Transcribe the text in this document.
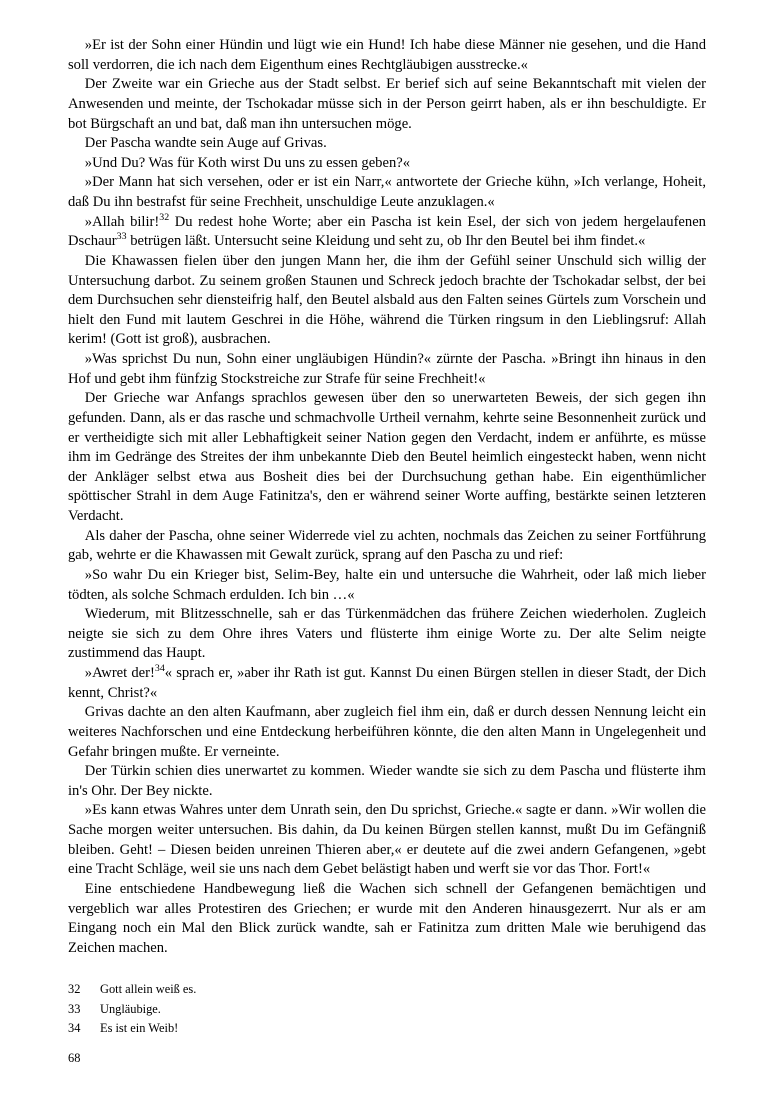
»Er ist der Sohn einer Hündin und lügt wie ein Hund! Ich habe diese Männer nie gesehen, und die Hand soll verdorren, die ich nach dem Eigenthum eines Rechtgläubigen ausstrecke.«

Der Zweite war ein Grieche aus der Stadt selbst. Er berief sich auf seine Bekanntschaft mit vielen der Anwesenden und meinte, der Tschokadar müsse sich in der Person geirrt haben, als er ihn beschuldigte. Er bot Bürgschaft an und bat, daß man ihn untersuchen möge.

Der Pascha wandte sein Auge auf Grivas.

»Und Du? Was für Koth wirst Du uns zu essen geben?«

»Der Mann hat sich versehen, oder er ist ein Narr,« antwortete der Grieche kühn, »Ich verlange, Hoheit, daß Du ihn bestrafst für seine Frechheit, unschuldige Leute anzuklagen.«

»Allah bilir!$^{32}$ Du redest hohe Worte; aber ein Pascha ist kein Esel, der sich von jedem hergelaufenen Dschaur$^{33}$ betrügen läßt. Untersucht seine Kleidung und seht zu, ob Ihr den Beutel bei ihm findet.«

Die Khawassen fielen über den jungen Mann her, die ihm der Gefühl seiner Unschuld sich willig der Untersuchung darbot. Zu seinem großen Staunen und Schreck jedoch brachte der Tschokadar selbst, der bei dem Durchsuchen sehr diensteifrig half, den Beutel alsbald aus den Falten seines Gürtels zum Vorschein und hielt den Fund mit lautem Geschrei in die Höhe, während die Türken ringsum in den Lieblingsruf: Allah kerim! (Gott ist groß), ausbrachen.

»Was sprichst Du nun, Sohn einer ungläubigen Hündin?« zürnte der Pascha. »Bringt ihn hinaus in den Hof und gebt ihm fünfzig Stockstreiche zur Strafe für seine Frechheit!«

Der Grieche war Anfangs sprachlos gewesen über den so unerwarteten Beweis, der sich gegen ihn gefunden. Dann, als er das rasche und schmachvolle Urtheil vernahm, kehrte seine Besonnenheit zurück und er vertheidigte sich mit aller Lebhaftigkeit seiner Nation gegen den Verdacht, indem er anführte, es müsse ihm im Gedränge des Streites der ihm unbekannte Dieb den Beutel heimlich eingesteckt haben, wenn nicht der Ankläger selbst etwa aus Bosheit dies bei der Durchsuchung gethan habe. Ein eigenthümlicher spöttischer Strahl in dem Auge Fatinitza's, den er während seiner Worte auffing, bestärkte seinen letzteren Verdacht.

Als daher der Pascha, ohne seiner Widerrede viel zu achten, nochmals das Zeichen zu seiner Fortführung gab, wehrte er die Khawassen mit Gewalt zurück, sprang auf den Pascha zu und rief:

»So wahr Du ein Krieger bist, Selim-Bey, halte ein und untersuche die Wahrheit, oder laß mich lieber tödten, als solche Schmach erdulden. Ich bin …«

Wiederum, mit Blitzesschnelle, sah er das Türkenmädchen das frühere Zeichen wiederholen. Zugleich neigte sie sich zu dem Ohre ihres Vaters und flüsterte ihm einige Worte zu. Der alte Selim neigte zustimmend das Haupt.

»Awret der!$^{34}$« sprach er, »aber ihr Rath ist gut. Kannst Du einen Bürgen stellen in dieser Stadt, der Dich kennt, Christ?«

Grivas dachte an den alten Kaufmann, aber zugleich fiel ihm ein, daß er durch dessen Nennung leicht ein weiteres Nachforschen und eine Entdeckung herbeiführen könnte, die den alten Mann in Ungelegenheit und Gefahr bringen mußte. Er verneinte.

Der Türkin schien dies unerwartet zu kommen. Wieder wandte sie sich zu dem Pascha und flüsterte ihm in's Ohr. Der Bey nickte.

»Es kann etwas Wahres unter dem Unrath sein, den Du sprichst, Grieche.« sagte er dann. »Wir wollen die Sache morgen weiter untersuchen. Bis dahin, da Du keinen Bürgen stellen kannst, mußt Du im Gefängniß bleiben. Geht! – Diesen beiden unreinen Thieren aber,« er deutete auf die zwei andern Gefangenen, »gebt eine Tracht Schläge, weil sie uns nach dem Gebet belästigt haben und werft sie vor das Thor. Fort!«

Eine entschiedene Handbewegung ließ die Wachen sich schnell der Gefangenen bemächtigen und vergeblich war alles Protestiren des Griechen; er wurde mit den Anderen hinausgezerrt. Nur als er am Eingang noch ein Mal den Blick zurück wandte, sah er Fatinitza zum dritten Male wie beruhigend das Zeichen machen.

32	Gott allein weiß es.
33	Ungläubige.
34	Es ist ein Weib!
68
